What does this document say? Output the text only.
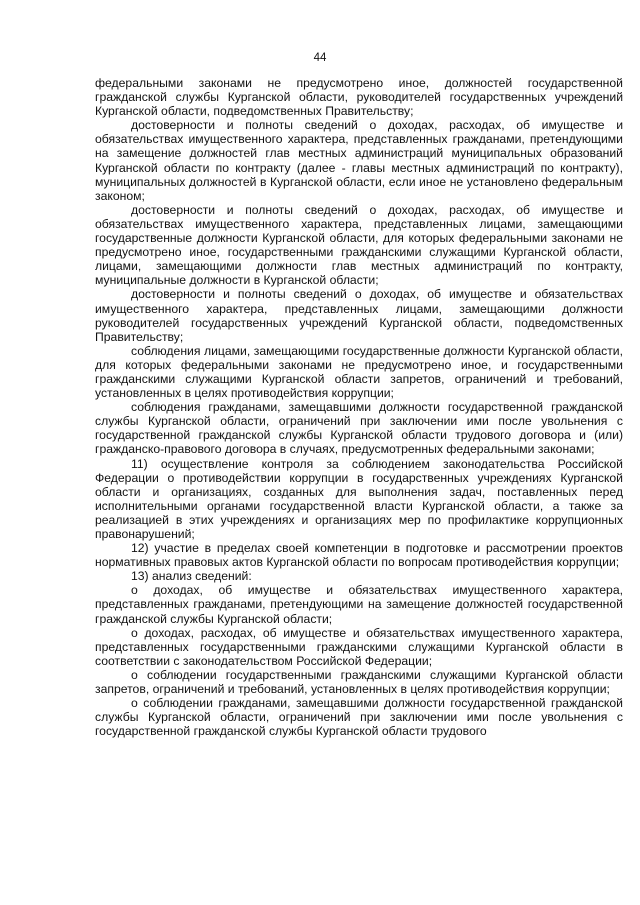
44

федеральными законами не предусмотрено иное, должностей государственной гражданской службы Курганской области, руководителей государственных учреждений Курганской области, подведомственных Правительству;

достоверности и полноты сведений о доходах, расходах, об имуществе и обязательствах имущественного характера, представленных гражданами, претендующими на замещение должностей глав местных администраций муниципальных образований Курганской области по контракту (далее - главы местных администраций по контракту), муниципальных должностей в Курганской области, если иное не установлено федеральным законом;

достоверности и полноты сведений о доходах, расходах, об имуществе и обязательствах имущественного характера, представленных лицами, замещающими государственные должности Курганской области, для которых федеральными законами не предусмотрено иное, государственными гражданскими служащими Курганской области, лицами, замещающими должности глав местных администраций по контракту, муниципальные должности в Курганской области;

достоверности и полноты сведений о доходах, об имуществе и обязательствах имущественного характера, представленных лицами, замещающими должности руководителей государственных учреждений Курганской области, подведомственных Правительству;

соблюдения лицами, замещающими государственные должности Курганской области, для которых федеральными законами не предусмотрено иное, и государственными гражданскими служащими Курганской области запретов, ограничений и требований, установленных в целях противодействия коррупции;

соблюдения гражданами, замещавшими должности государственной гражданской службы Курганской области, ограничений при заключении ими после увольнения с государственной гражданской службы Курганской области трудового договора и (или) гражданско-правового договора в случаях, предусмотренных федеральными законами;

11) осуществление контроля за соблюдением законодательства Российской Федерации о противодействии коррупции в государственных учреждениях Курганской области и организациях, созданных для выполнения задач, поставленных перед исполнительными органами государственной власти Курганской области, а также за реализацией в этих учреждениях и организациях мер по профилактике коррупционных правонарушений;

12) участие в пределах своей компетенции в подготовке и рассмотрении проектов нормативных правовых актов Курганской области по вопросам противодействия коррупции;

13) анализ сведений:

о доходах, об имуществе и обязательствах имущественного характера, представленных гражданами, претендующими на замещение должностей государственной гражданской службы Курганской области;

о доходах, расходах, об имуществе и обязательствах имущественного характера, представленных государственными гражданскими служащими Курганской области в соответствии с законодательством Российской Федерации;

о соблюдении государственными гражданскими служащими Курганской области запретов, ограничений и требований, установленных в целях противодействия коррупции;

о соблюдении гражданами, замещавшими должности государственной гражданской службы Курганской области, ограничений при заключении ими после увольнения с государственной гражданской службы Курганской области трудового
